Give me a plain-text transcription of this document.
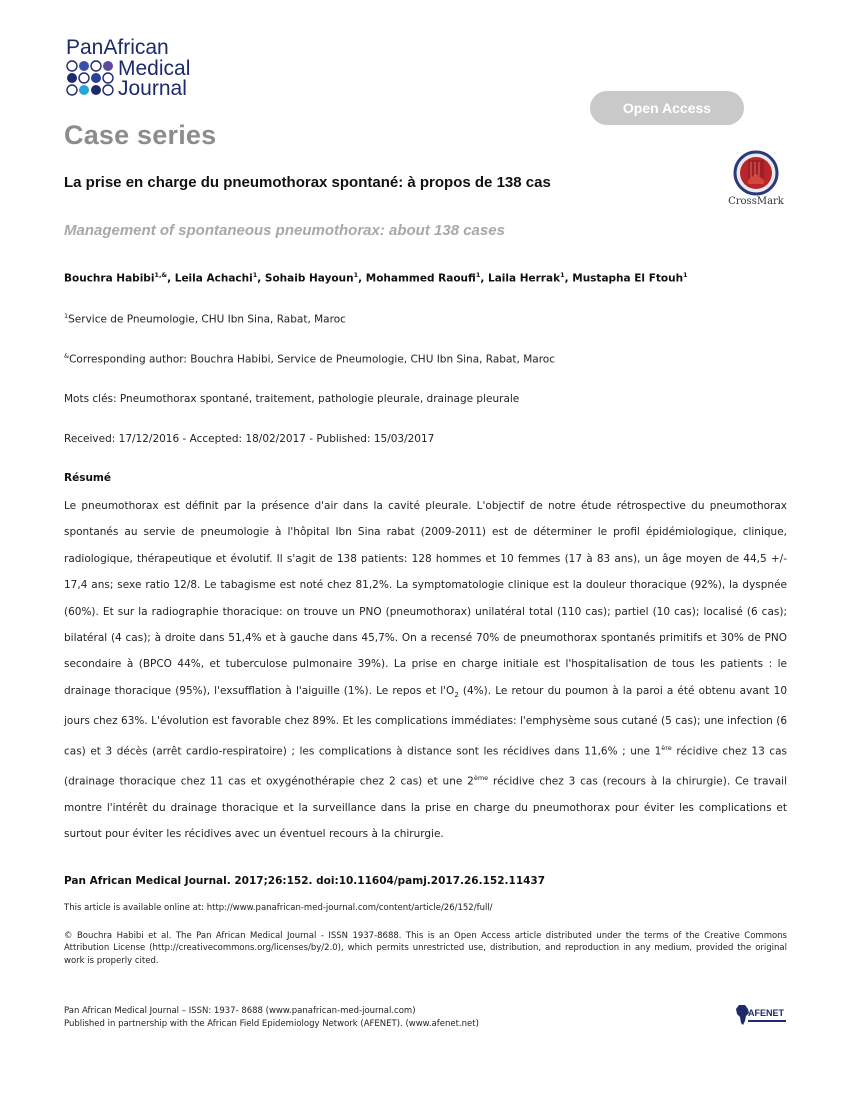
PanAfrican
Medical
Journal
Open Access
Case series
La prise en charge du pneumothorax spontané: à propos de 138 cas
Management of spontaneous pneumothorax: about 138 cases
CrossMark
Bouchra Habibi$^{1,\&}$, Leila Achachi$^1$, Sohaib Hayoun$^1$, Mohammed Raoufi$^1$, Laila Herrak$^1$, Mustapha El Ftouh$^1$
$^1$Service de Pneumologie, CHU Ibn Sina, Rabat, Maroc
&Corresponding author: Bouchra Habibi, Service de Pneumologie, CHU Ibn Sina, Rabat, Maroc
Mots clés: Pneumothorax spontané, traitement, pathologie pleurale, drainage pleurale
Received: 17/12/2016 - Accepted: 18/02/2017 - Published: 15/03/2017
Résumé
Le pneumothorax est définit par la présence d'air dans la cavité pleurale. L'objectif de notre étude rétrospective du pneumothorax spontanés au servie de pneumologie à l'hôpital Ibn Sina rabat (2009-2011) est de déterminer le profil épidémiologique, clinique, radiologique, thérapeutique et évolutif. Il s'agit de 138 patients: 128 hommes et 10 femmes (17 à 83 ans), un âge moyen de 44,5 +/- 17,4 ans; sexe ratio 12/8. Le tabagisme est noté chez 81,2%. La symptomatologie clinique est la douleur thoracique (92%), la dyspnée (60%). Et sur la radiographie thoracique: on trouve un PNO (pneumothorax) unilatéral total (110 cas); partiel (10 cas); localisé (6 cas); bilatéral (4 cas); à droite dans 51,4% et à gauche dans 45,7%. On a recensé 70% de pneumothorax spontanés primitifs et 30% de PNO secondaire à (BPCO 44%, et tuberculose pulmonaire 39%). La prise en charge initiale est l'hospitalisation de tous les patients : le drainage thoracique (95%), l'exsufflation à l'aiguille (1%). Le repos et $l'O_2$ (4%). Le retour du poumon à la paroi a été obtenu avant 10 jours chez 63%. L'évolution est favorable chez 89%. Et les complications immédiates: l'emphysème sous cutané (5 cas); une infection (6 cas) et 3 décès (arrêt cardio-respiratoire) ; les complications à distance sont les récidives dans 11,6% ; une 1ère récidive chez 13 cas (drainage thoracique chez 11 cas et oxygénothérapie chez 2 cas) et une 2ème récidive chez 3 cas (recours à la chirurgie). Ce travail montre l'intérêt du drainage thoracique et la surveillance dans la prise en charge du pneumothorax pour éviter les complications et surtout pour éviter les récidives avec un éventuel recours à la chirurgie.
Pan African Medical Journal. 2017;26:152. doi:10.11604/pamj.2017.26.152.11437
This article is available online at: http://www.panafrican-med-journal.com/content/article/26/152/full/
© Bouchra Habibi et al. The Pan African Medical Journal - ISSN 1937-8688. This is an Open Access article distributed under the terms of the Creative Commons Attribution License (http://creativecommons.org/licenses/by/2.0), which permits unrestricted use, distribution, and reproduction in any medium, provided the original work is properly cited.
Pan African Medical Journal – ISSN: 1937- 8688 (www.panafrican-med-journal.com)
Published in partnership with the African Field Epidemiology Network (AFENET). (www.afenet.net)
AFENET
